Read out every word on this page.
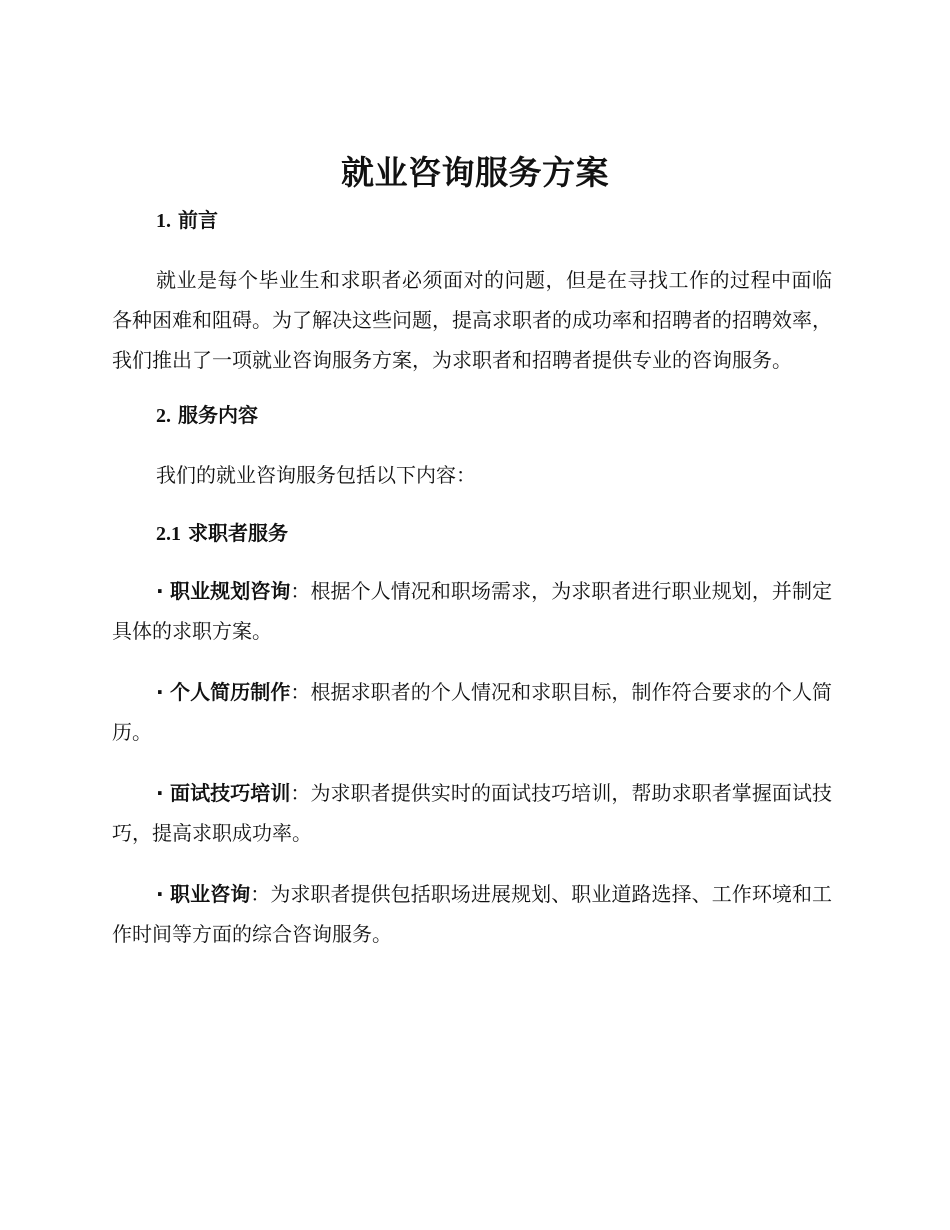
就业咨询服务方案
1. 前言

就业是每个毕业生和求职者必须面对的问题，但是在寻找工作的过程中面临各种困难和阻碍。为了解决这些问题，提高求职者的成功率和招聘者的招聘效率，我们推出了一项就业咨询服务方案，为求职者和招聘者提供专业的咨询服务。

2. 服务内容

我们的就业咨询服务包括以下内容：

2.1 求职者服务

· 职业规划咨询：根据个人情况和职场需求，为求职者进行职业规划，并制定具体的求职方案。

· 个人简历制作：根据求职者的个人情况和求职目标，制作符合要求的个人简历。

· 面试技巧培训：为求职者提供实时的面试技巧培训，帮助求职者掌握面试技巧，提高求职成功率。

· 职业咨询：为求职者提供包括职场进展规划、职业道路选择、工作环境和工作时间等方面的综合咨询服务。
